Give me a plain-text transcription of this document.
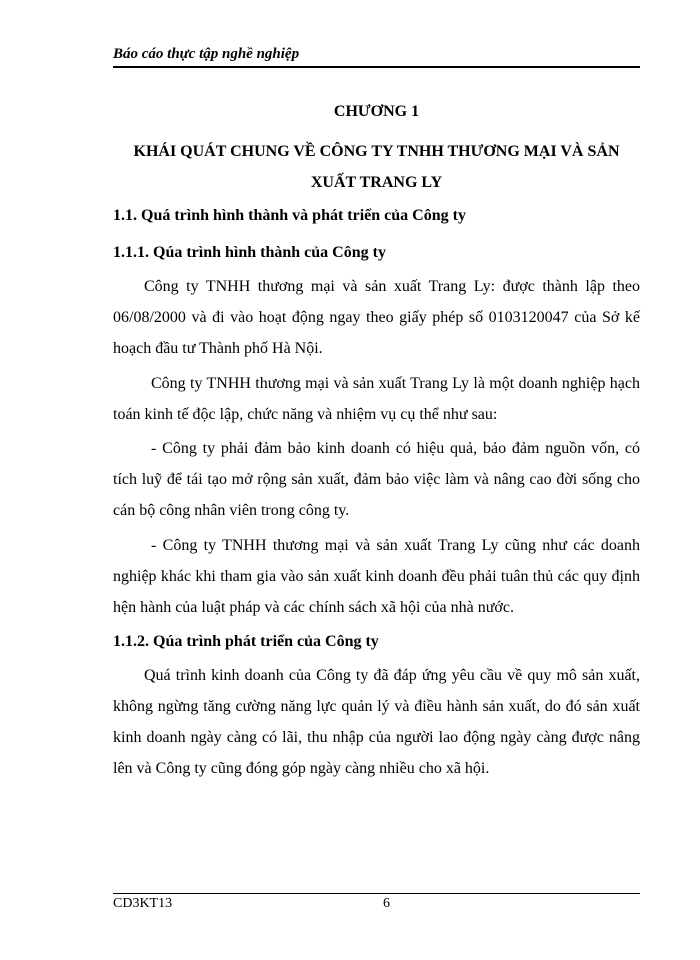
Báo cáo thực tập nghề nghiệp
CHƯƠNG 1
KHÁI QUÁT CHUNG VỀ CÔNG TY TNHH THƯƠNG MẠI VÀ SẢN XUẤT TRANG LY
1.1. Quá trình hình thành và phát triển của Công ty
1.1.1. Qúa trình hình thành của Công ty

Công ty TNHH thương mại và sản xuất Trang Ly: được thành lập theo 06/08/2000 và đi vào hoạt động ngay theo giấy phép số 0103120047 của Sở kế hoạch đầu tư Thành phố Hà Nội.

Công ty TNHH thương mại và sản xuất Trang Ly là một doanh nghiệp hạch toán kinh tế độc lập, chức năng và nhiệm vụ cụ thể như sau:

- Công ty phải đảm bảo kinh doanh có hiệu quả, bảo đảm nguồn vốn, có tích luỹ để tái tạo mở rộng sản xuất, đảm bảo việc làm và nâng cao đời sống cho cán bộ công nhân viên trong công ty.

- Công ty TNHH thương mại và sản xuất Trang Ly cũng như các doanh nghiệp khác khi tham gia vào sản xuất kinh doanh đều phải tuân thủ các quy định hện hành của luật pháp và các chính sách xã hội của nhà nước.

1.1.2. Qúa trình phát triển của Công ty

Quá trình kinh doanh của Công ty đã đáp ứng yêu cầu về quy mô sản xuất, không ngừng tăng cường năng lực quản lý và điều hành sản xuất, do đó sản xuất kinh doanh ngày càng có lãi, thu nhập của người lao động ngày càng được nâng lên và Công ty cũng đóng góp ngày càng nhiều cho xã hội.

CD3KT13	6
